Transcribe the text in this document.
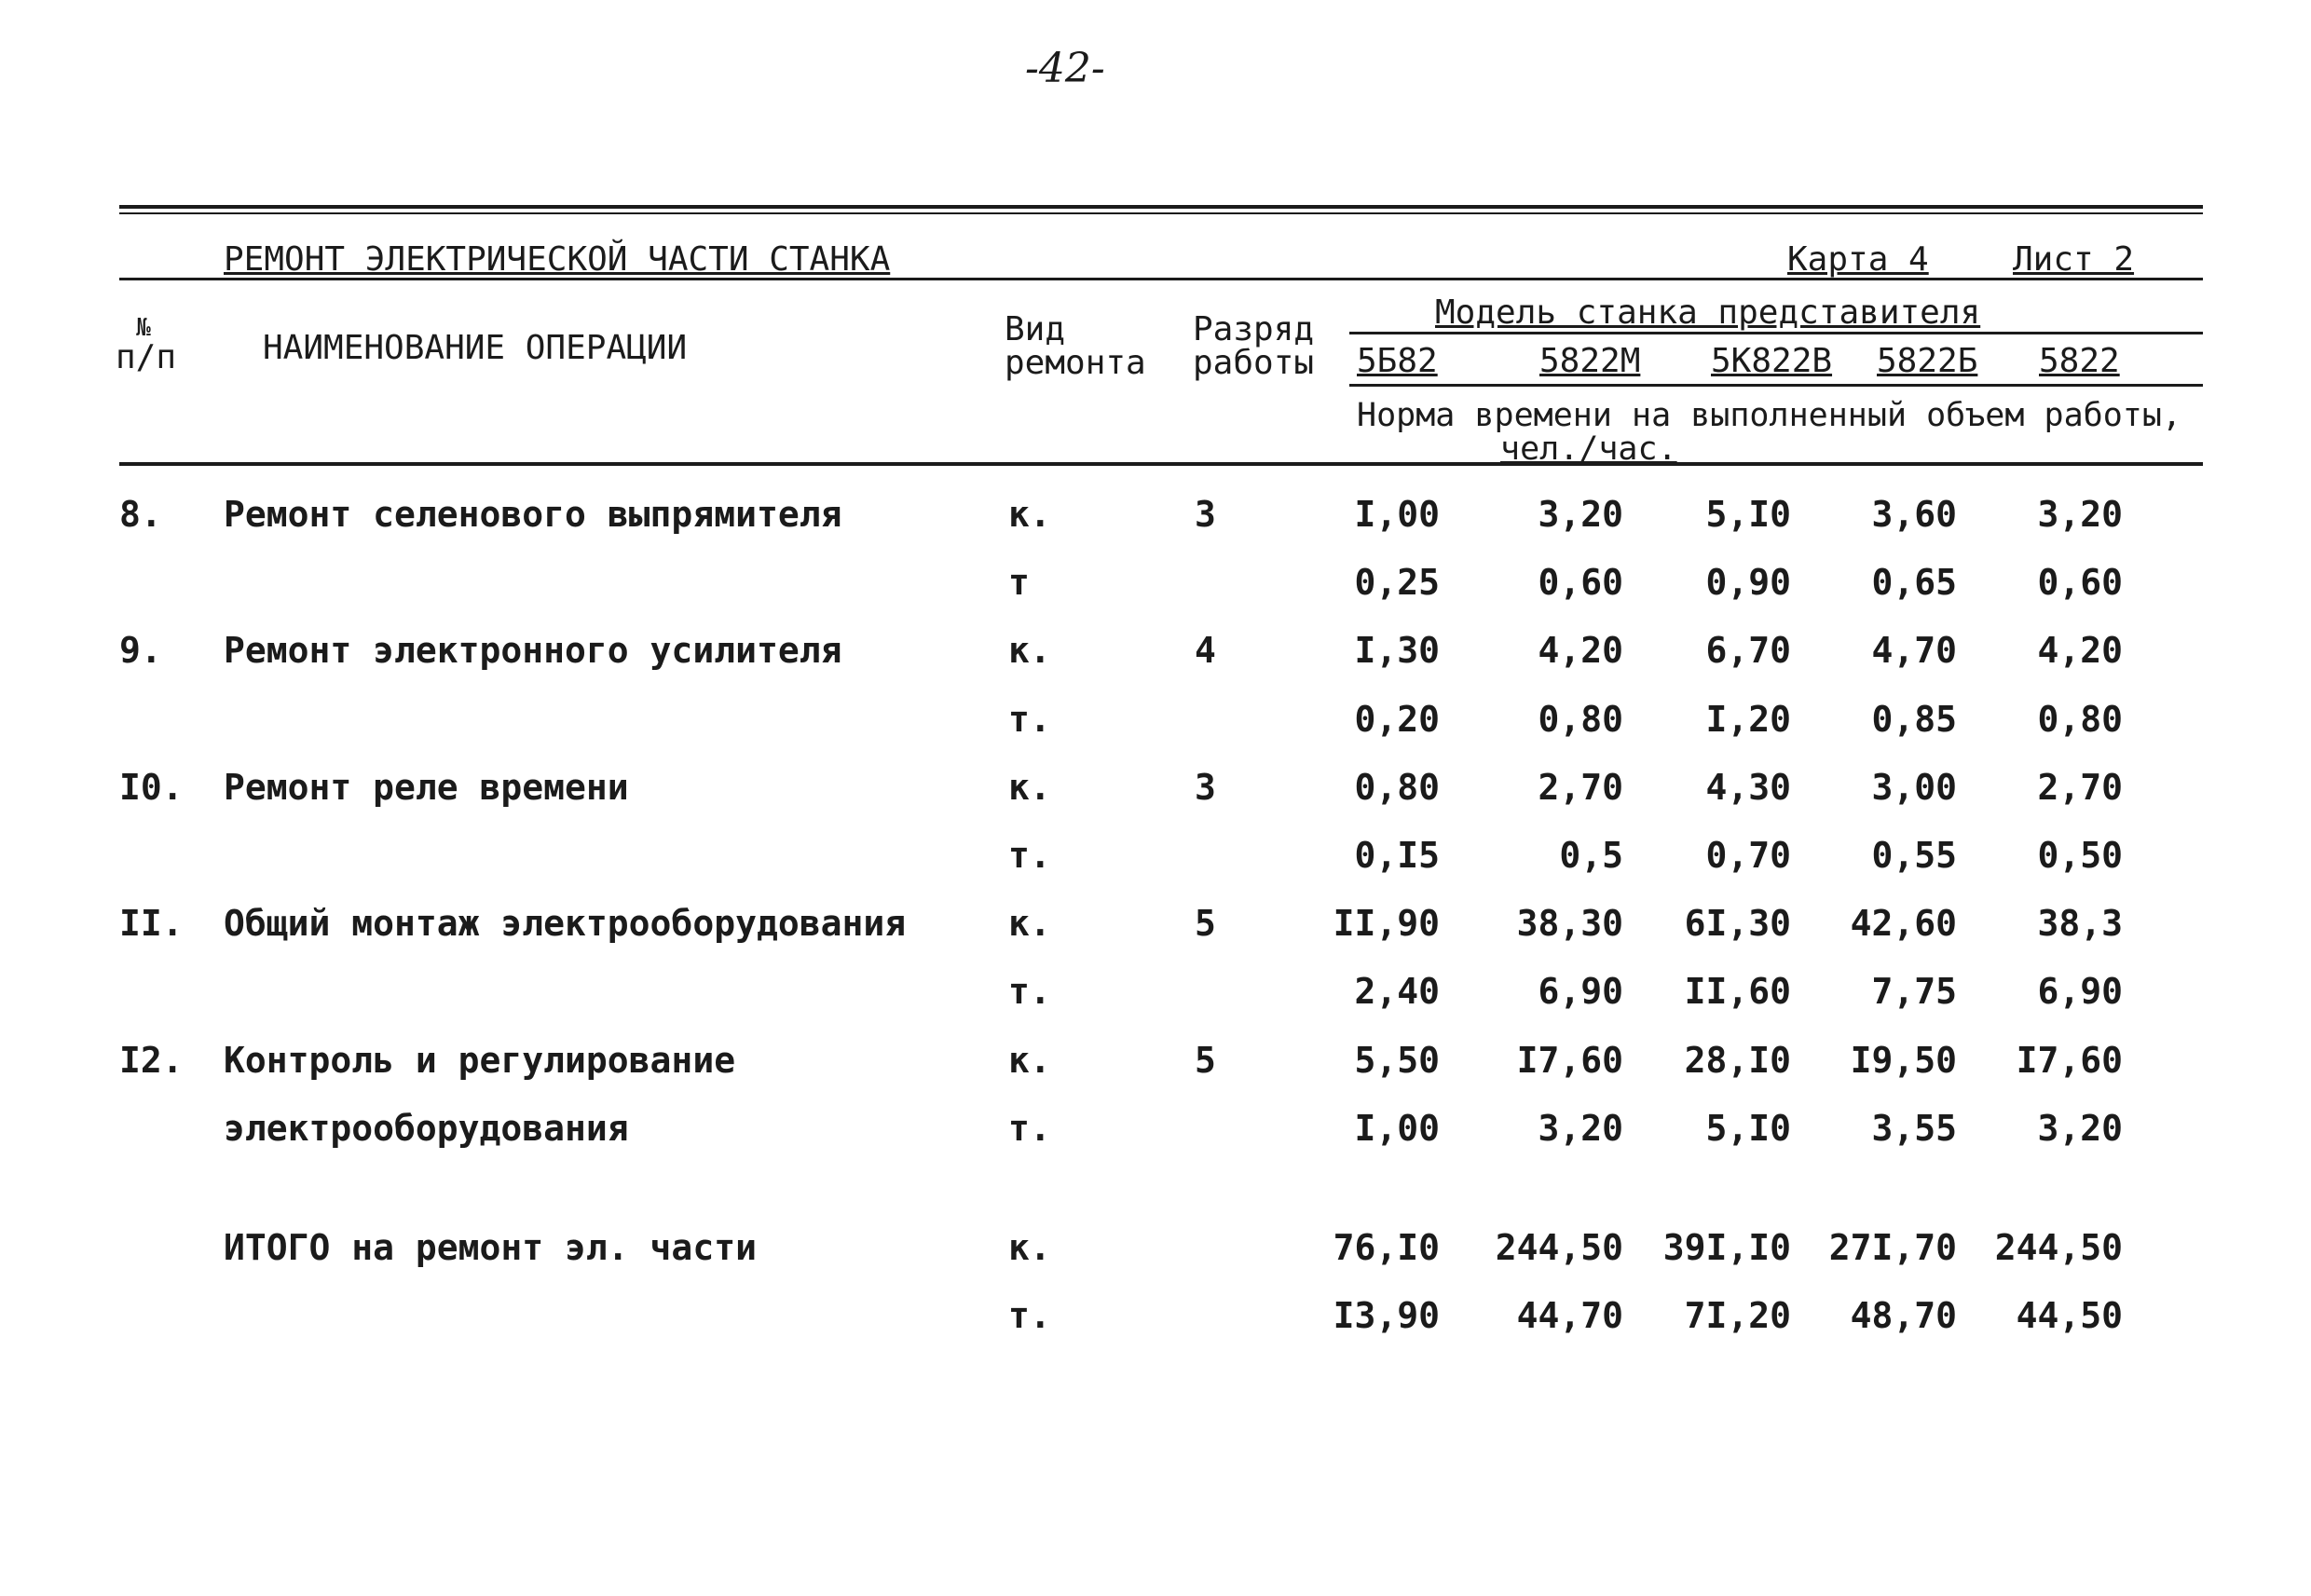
-42-
РЕМОНТ ЭЛЕКТРИЧЕСКОЙ ЧАСТИ СТАНКА	Карта 4	Лист 2
№
п/п	НАИМЕНОВАНИЕ ОПЕРАЦИИ	Вид
ремонта
Разряд
работы
Модель станка представителя
5Б82	5822М 5К822В 5822Б 5822
Норма времени на выполненный объем работы,
чел./час.
8. Ремонт селенового выпрямителя	к.	3	I,00	3,20	5,I0	3,60	3,20
т	0,25	0,60	0,90	0,65	0,60
9. Ремонт электронного усилителя	к.	4	I,30	4,20	6,70	4,70	4,20
т.	0,20	0,80	I,20	0,85	0,80
I0. Ремонт реле времени	к.	3	0,80	2,70	4,30	3,00	2,70
т.	0,I5	0,5	0,70	0,55	0,50
II. Общий монтаж электрооборудования	к.	5	II,90	38,30	6I,30	42,60	38,3
т.	2,40	6,90	II,60	7,75	6,90
I2. Контроль и регулирование	к.	5	5,50	I7,60	28,I0	I9,50	I7,60
электрооборудования	т.	I,00	3,20	5,I0	3,55	3,20
ИТОГО на ремонт эл. части	к.	76,I0	244,50	39I,I0	27I,70	244,50
т.	I3,90	44,70	7I,20	48,70	44,50
